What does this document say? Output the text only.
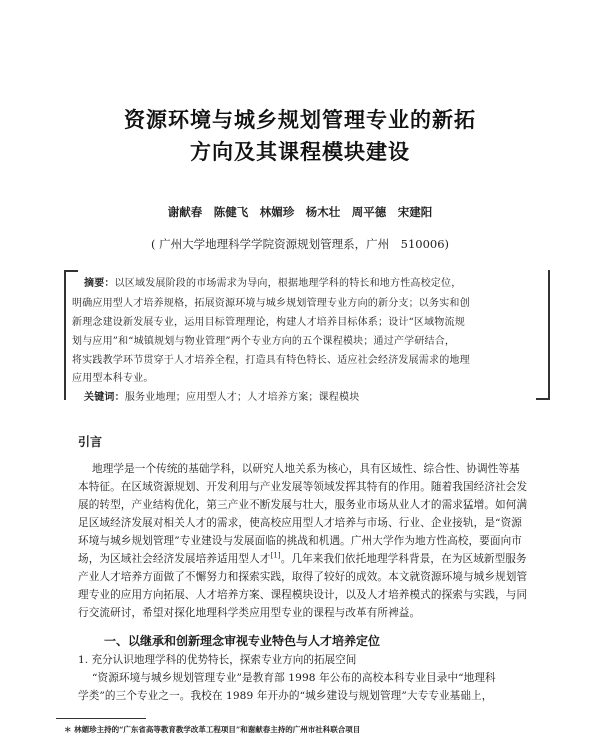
资源环境与城乡规划管理专业的新拓
方向及其课程模块建设
谢献春　陈健飞　林媚珍　杨木壮　周平德　宋建阳
( 广州大学地理科学学院资源规划管理系，广州　510006)
摘要：以区域发展阶段的市场需求为导向，根据地理学科的特长和地方性高校定位，
明确应用型人才培养规格，拓展资源环境与城乡规划管理专业方向的新分支；以务实和创
新理念建设新发展专业，运用目标管理理论，构建人才培养目标体系；设计“区域物流规
划与应用”和“城镇规划与物业管理”两个专业方向的五个课程模块；通过产学研结合，
将实践教学环节贯穿于人才培养全程，打造具有特色特长、适应社会经济发展需求的地理
应用型本科专业。
关键词：服务业地理；应用型人才；人才培养方案；课程模块
引言
地理学是一个传统的基础学科，以研究人地关系为核心，具有区域性、综合性、协调性等基
本特征。在区域资源规划、开发利用与产业发展等领域发挥其特有的作用。随着我国经济社会发
展的转型，产业结构优化，第三产业不断发展与壮大，服务业市场从业人才的需求猛增。如何满
足区域经济发展对相关人才的需求，使高校应用型人才培养与市场、行业、企业接轨，是“资源
环境与城乡规划管理”专业建设与发展面临的挑战和机遇。广州大学作为地方性高校，要面向市
场，为区域社会经济发展培养适用型人才[1]。几年来我们依托地理学科背景，在为区域新型服务
产业人才培养方面做了不懈努力和探索实践，取得了较好的成效。本文就资源环境与城乡规划管
理专业的应用方向拓展、人才培养方案、课程模块设计，以及人才培养模式的探索与实践，与同
行交流研讨，希望对探化地理科学类应用型专业的课程与改革有所裨益。
一、以继承和创新理念审视专业特色与人才培养定位
1. 充分认识地理学科的优势特长，探索专业方向的拓展空间
“资源环境与城乡规划管理专业”是教育部 1998 年公布的高校本科专业目录中“地理科
学类”的三个专业之一。我校在 1989 年开办的“城乡建设与规划管理”大专专业基础上，
＊ 林媚珍主持的“广东省高等教育教学改革工程项目”和谢献春主持的广州市社科联合项目
